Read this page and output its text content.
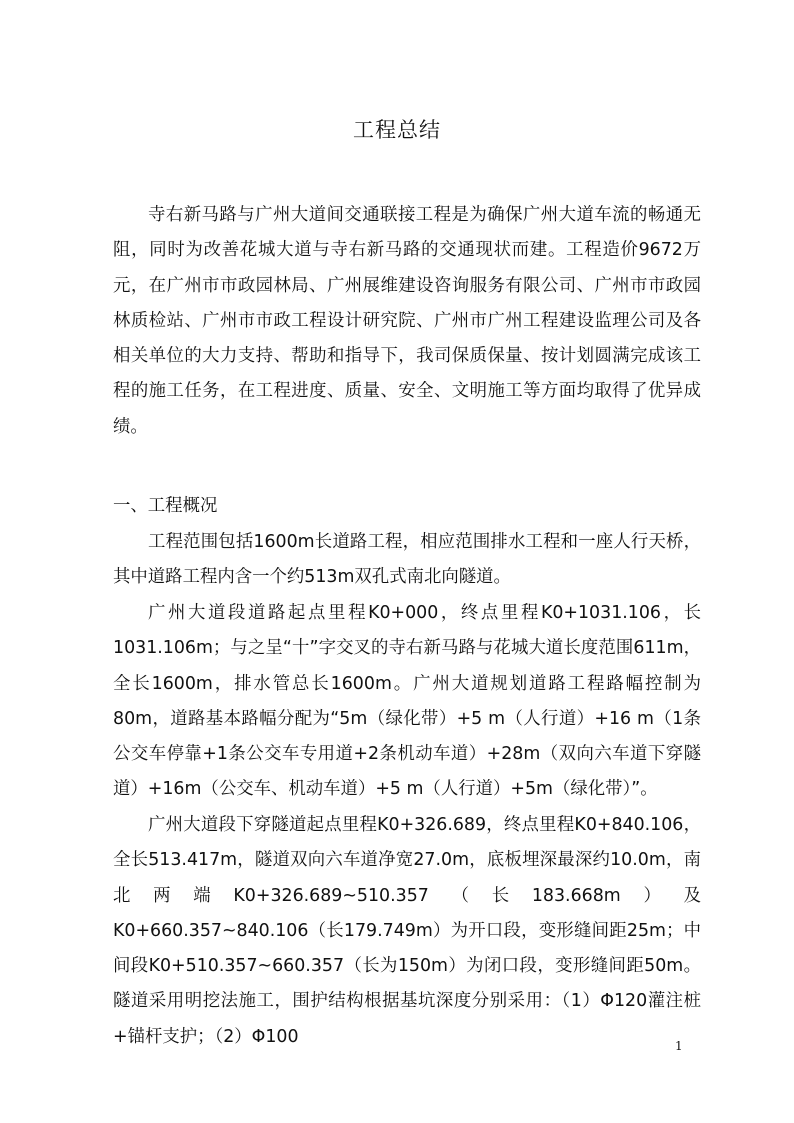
工程总结

寺右新马路与广州大道间交通联接工程是为确保广州大道车流的畅通无阻，同时为改善花城大道与寺右新马路的交通现状而建。工程造价9672万元，在广州市市政园林局、广州展维建设咨询服务有限公司、广州市市政园林质检站、广州市市政工程设计研究院、广州市广州工程建设监理公司及各相关单位的大力支持、帮助和指导下，我司保质保量、按计划圆满完成该工程的施工任务，在工程进度、质量、安全、文明施工等方面均取得了优异成绩。

一、工程概况

工程范围包括1600m长道路工程，相应范围排水工程和一座人行天桥，其中道路工程内含一个约513m双孔式南北向隧道。

广州大道段道路起点里程K0+000，终点里程K0+1031.106，长1031.106m；与之呈“十”字交叉的寺右新马路与花城大道长度范围611m，全长1600m，排水管总长1600m。广州大道规划道路工程路幅控制为80m，道路基本路幅分配为“5m（绿化带）+5 m（人行道）+16 m（1条公交车停靠+1条公交车专用道+2条机动车道）+28m（双向六车道下穿隧道）+16m（公交车、机动车道）+5 m（人行道）+5m（绿化带）”。

广州大道段下穿隧道起点里程K0+326.689，终点里程K0+840.106，全长513.417m，隧道双向六车道净宽27.0m，底板埋深最深约10.0m，南北两端K0+326.689~510.357（长183.668m）及K0+660.357~840.106（长179.749m）为开口段，变形缝间距25m；中间段K0+510.357~660.357（长为150m）为闭口段，变形缝间距50m。隧道采用明挖法施工，围护结构根据基坑深度分别采用：（1）Φ120灌注桩+锚杆支护；（2）Φ100	1
